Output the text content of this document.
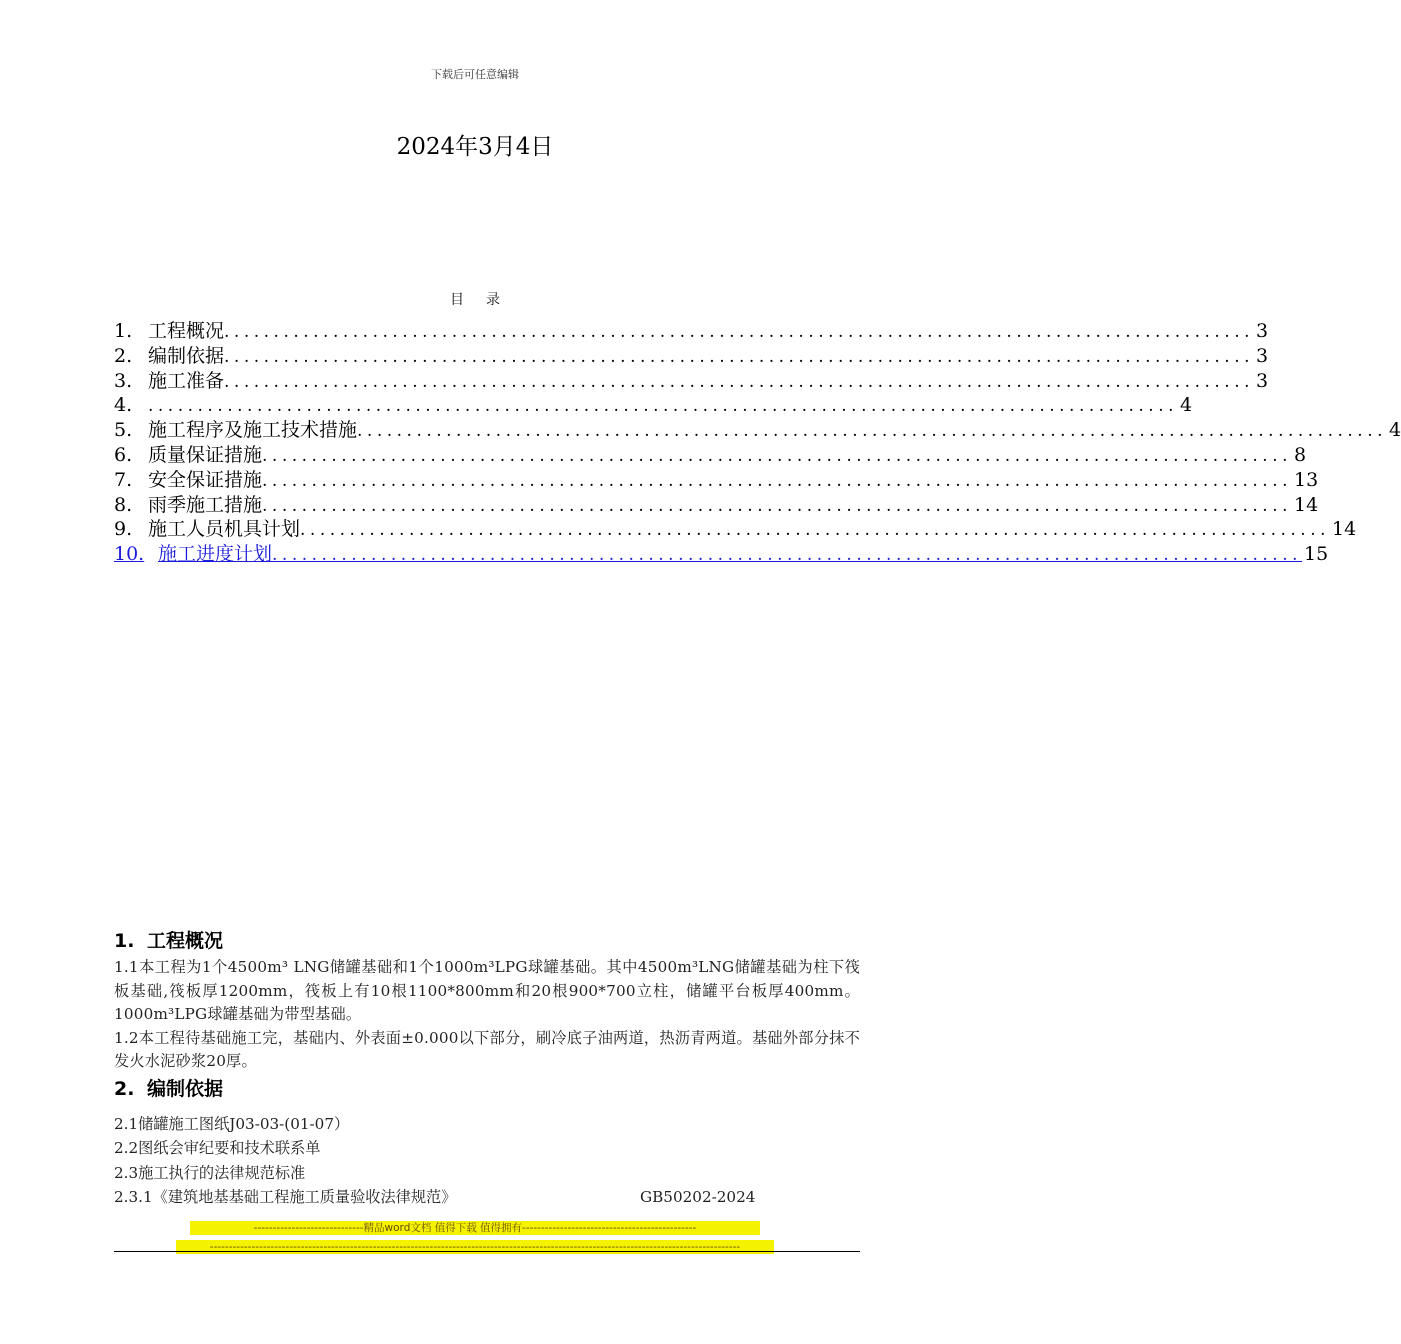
下载后可任意编辑
2024年3月4日
目录
1. 工程概况 ........................................................................................................ 3
2. 编制依据 ........................................................................................................ 3
3. 施工准备 ........................................................................................................ 3
4. ........................................................................................................ 4
5. 施工程序及施工技术措施 ........................................................................................................ 4
6. 质量保证措施 ........................................................................................................ 8
7. 安全保证措施 ........................................................................................................ 13
8. 雨季施工措施 ........................................................................................................ 14
9. 施工人员机具计划 ........................................................................................................ 14
10. 施工进度计划 ........................................................................................................ 15
1. 工程概况

1.1本工程为1个4500m³ LNG储罐基础和1个1000m³LPG球罐基础。其中4500m³LNG储罐基础为柱下筏板基础,筏板厚1200mm，筏板上有10根1100*800mm和20根900*700立柱，储罐平台板厚400mm。1000m³LPG球罐基础为带型基础。

1.2本工程待基础施工完，基础内、外表面±0.000以下部分，刷冷底子油两道，热沥青两道。基础外部分抹不发火水泥砂浆20厚。

2. 编制依据
2.1储罐施工图纸J03-03-(01-07）
2.2图纸会审纪要和技术联系单
2.3施工执行的法律规范标准
2.3.1《建筑地基基础工程施工质量验收法律规范》	GB50202-2024
-----------------------------精品word文档 值得下载 值得拥有----------------------------------------------
--------------------------------------------------------------------------------------------------------------------------------------------
